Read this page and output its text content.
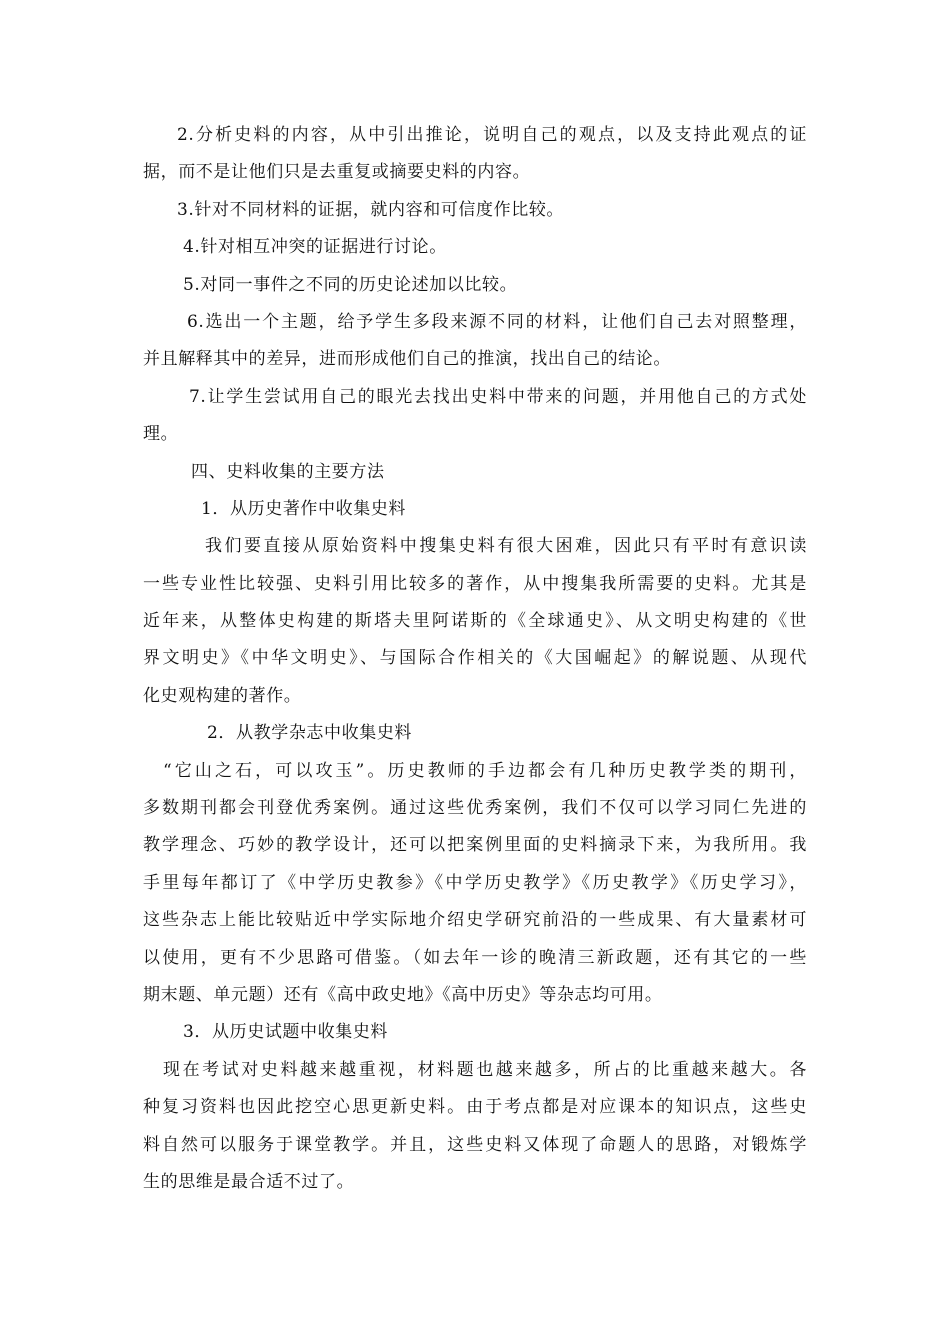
2.分析史料的内容，从中引出推论，说明自己的观点，以及支持此观点的证
据，而不是让他们只是去重复或摘要史料的内容。
3.针对不同材料的证据，就内容和可信度作比较。
4.针对相互冲突的证据进行讨论。
5.对同一事件之不同的历史论述加以比较。
6.选出一个主题，给予学生多段来源不同的材料，让他们自己去对照整理，
并且解释其中的差异，进而形成他们自己的推演，找出自己的结论。
7.让学生尝试用自己的眼光去找出史料中带来的问题，并用他自己的方式处
理。
四、史料收集的主要方法
1．从历史著作中收集史料
我们要直接从原始资料中搜集史料有很大困难，因此只有平时有意识读
一些专业性比较强、史料引用比较多的著作，从中搜集我所需要的史料。尤其是
近年来，从整体史构建的斯塔夫里阿诺斯的《全球通史》、从文明史构建的《世
界文明史》《中华文明史》、与国际合作相关的《大国崛起》的解说题、从现代
化史观构建的著作。
2．从教学杂志中收集史料
“它山之石，可以攻玉”。历史教师的手边都会有几种历史教学类的期刊，
多数期刊都会刊登优秀案例。通过这些优秀案例，我们不仅可以学习同仁先进的
教学理念、巧妙的教学设计，还可以把案例里面的史料摘录下来，为我所用。我
手里每年都订了《中学历史教参》《中学历史教学》《历史教学》《历史学习》，
这些杂志上能比较贴近中学实际地介绍史学研究前沿的一些成果、有大量素材可
以使用，更有不少思路可借鉴。（如去年一诊的晚清三新政题，还有其它的一些
期末题、单元题）还有《高中政史地》《高中历史》等杂志均可用。
3．从历史试题中收集史料
现在考试对史料越来越重视，材料题也越来越多，所占的比重越来越大。各
种复习资料也因此挖空心思更新史料。由于考点都是对应课本的知识点，这些史
料自然可以服务于课堂教学。并且，这些史料又体现了命题人的思路，对锻炼学
生的思维是最合适不过了。
